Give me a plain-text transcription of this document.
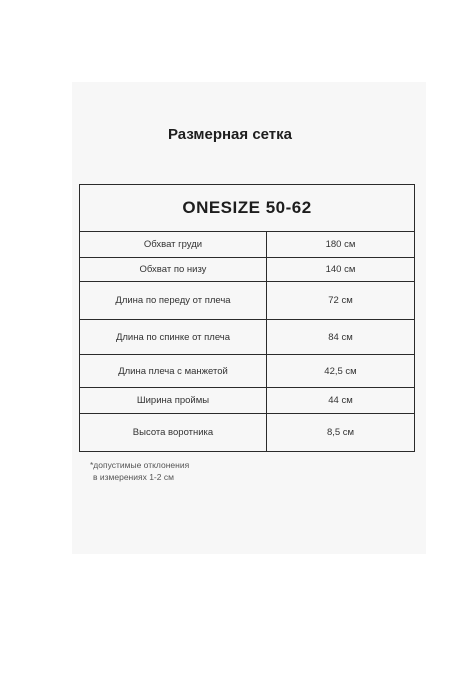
Размерная сетка
ONESIZE 50-62	
Обхват груди	180 см
Обхват по низу	140 см
Длина по переду от плеча	72 см
Длина по спинке от плеча	84 см
Длина плеча с манжетой	42,5 см
Ширина проймы	44 см
Высота воротника	8,5 см
*допустимые отклонения
в измерениях 1-2 см
